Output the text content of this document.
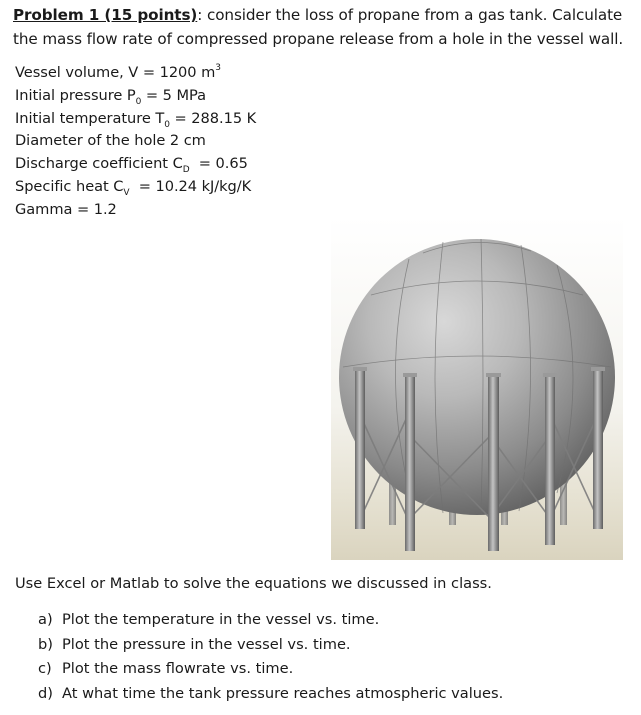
Problem 1 (15 points): consider the loss of propane from a gas tank. Calculate the mass flow rate of compressed propane release from a hole in the vessel wall.
Vessel volume, V = 1200 $m^3$
Initial pressure $P_0 = 5$ MPa
Initial temperature $T_0 = 288.15$ K
Diameter of the hole 2 cm
Discharge coefficient $C_D = 0.65$
Specific heat $C_V = 10.24$ kJ/kg/K
Gamma = 1.2
Use Excel or Matlab to solve the equations we discussed in class.
a) Plot the temperature in the vessel vs. time.
b) Plot the pressure in the vessel vs. time.
c) Plot the mass flowrate vs. time.
d) At what time the tank pressure reaches atmospheric values.
